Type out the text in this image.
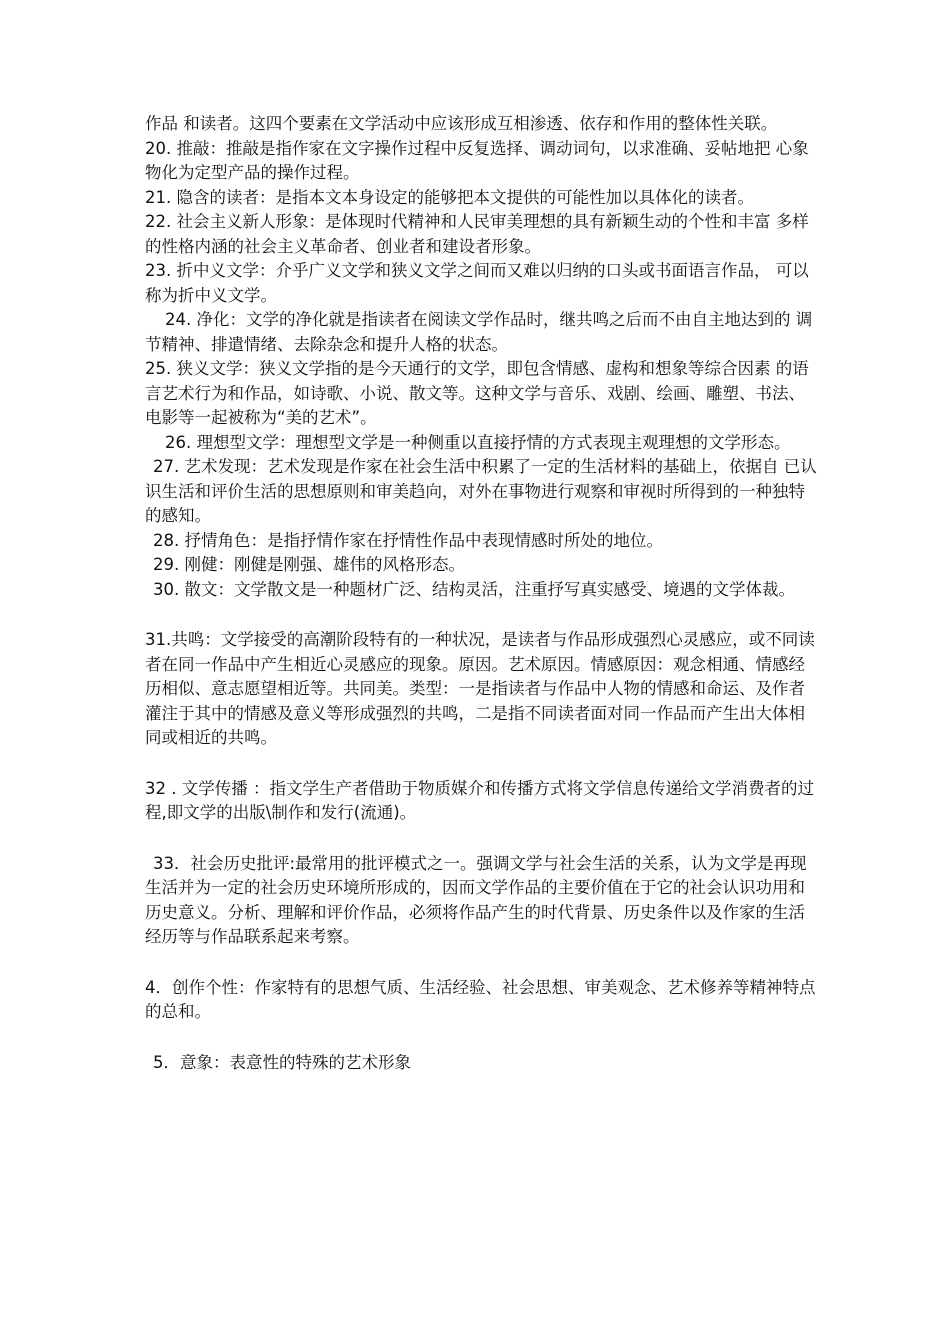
作品 和读者。这四个要素在文学活动中应该形成互相渗透、依存和作用的整体性关联。

20. 推敲：推敲是指作家在文字操作过程中反复选择、调动词句，以求准确、妥帖地把 心象物化为定型产品的操作过程。

21. 隐含的读者：是指本文本身设定的能够把本文提供的可能性加以具体化的读者。

22. 社会主义新人形象：是体现时代精神和人民审美理想的具有新颖生动的个性和丰富 多样的性格内涵的社会主义革命者、创业者和建设者形象。

23. 折中义文学：介乎广义文学和狭义文学之间而又难以归纳的口头或书面语言作品， 可以称为折中义文学。

24. 净化：文学的净化就是指读者在阅读文学作品时，继共鸣之后而不由自主地达到的 调节精神、排遣情绪、去除杂念和提升人格的状态。

25. 狭义文学：狭义文学指的是今天通行的文学，即包含情感、虚构和想象等综合因素 的语言艺术行为和作品，如诗歌、小说、散文等。这种文学与音乐、戏剧、绘画、雕塑、书法、电影等一起被称为“美的艺术”。

26. 理想型文学：理想型文学是一种侧重以直接抒情的方式表现主观理想的文学形态。

27. 艺术发现：艺术发现是作家在社会生活中积累了一定的生活材料的基础上，依据自 已认识生活和评价生活的思想原则和审美趋向，对外在事物进行观察和审视时所得到的一种独特的感知。

28. 抒情角色：是指抒情作家在抒情性作品中表现情感时所处的地位。

29. 刚健：刚健是刚强、雄伟的风格形态。

30. 散文：文学散文是一种题材广泛、结构灵活，注重抒写真实感受、境遇的文学体裁。

31.共鸣：文学接受的高潮阶段特有的一种状况，是读者与作品形成强烈心灵感应，或不同读者在同一作品中产生相近心灵感应的现象。原因。艺术原因。情感原因：观念相通、情感经历相似、意志愿望相近等。共同美。类型：一是指读者与作品中人物的情感和命运、及作者灌注于其中的情感及意义等形成强烈的共鸣，二是指不同读者面对同一作品而产生出大体相同或相近的共鸣。

32 . 文学传播 ：指文学生产者借助于物质媒介和传播方式将文学信息传递给文学消费者的过 程,即文学的出版\制作和发行(流通)。

33．社会历史批评:最常用的批评模式之一。强调文学与社会生活的关系，认为文学是再现生活并为一定的社会历史环境所形成的，因而文学作品的主要价值在于它的社会认识功用和历史意义。分析、理解和评价作品，必须将作品产生的时代背景、历史条件以及作家的生活经历等与作品联系起来考察。

4．创作个性：作家特有的思想气质、生活经验、社会思想、审美观念、艺术修养等精神特点的总和。

5．意象：表意性的特殊的艺术形象
